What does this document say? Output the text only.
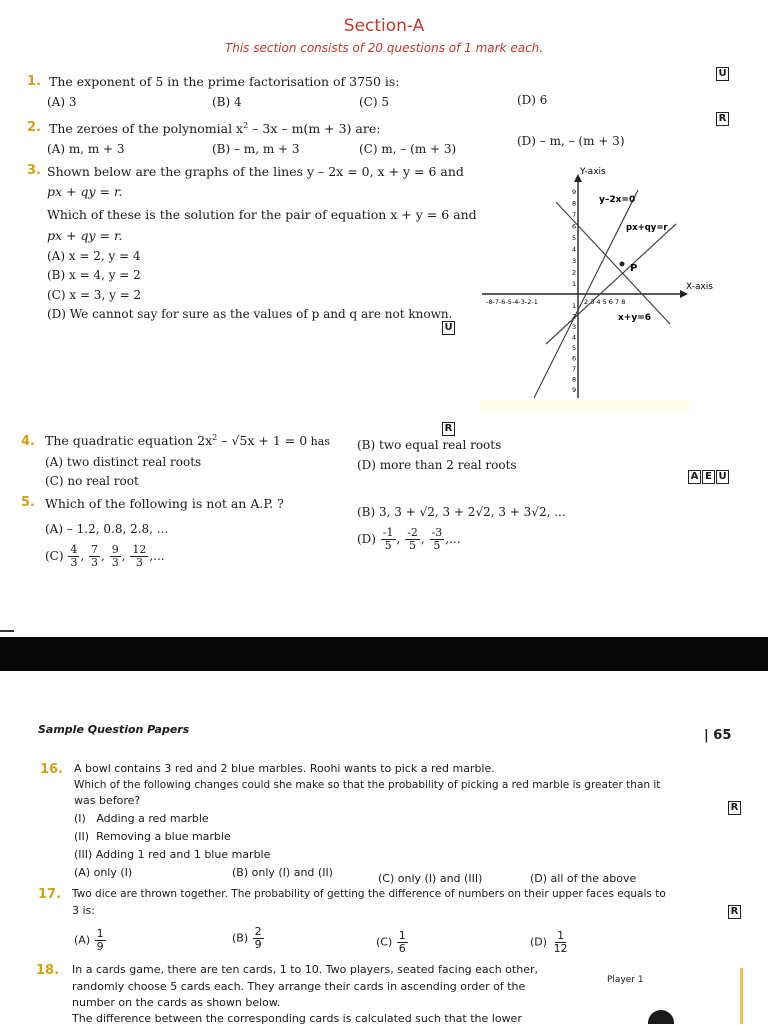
Section-A
This section consists of 20 questions of 1 mark each.
1. The exponent of 5 in the prime factorisation of 3750 is:
U
(A) 3	(B) 4	(C) 5	(D) 6
2. The zeroes of the polynomial $x^2 - 3x - m(m + 3)$ are:
R
(A) m, m + 3	(B) – m, m + 3	(C) m, – (m + 3)
(D) – m, – (m + 3)
3. Shown below are the graphs of the lines y – 2x = 0, x + y = 6 and
px + qy = r.
Which of these is the solution for the pair of equation x + y = 6 and
px + qy = r.
(A) x = 2, y = 4
(B) x = 4, y = 2
(C) x = 3, y = 2
(D) We cannot say for sure as the values of p and q are not known.
U
Y-axis
X-axis
y–2x=0
px+qy=r
x+y=6
P
-8-7-6-5-4-3-2-1	2 3 4 5 6 7 8
9
8
7
6
5
4
3
2
1
1
2
3
4
5
6
7
8
9
R
4. The quadratic equation $2x^2 - √5x + 1 = 0$ has
(A) two distinct real roots
(B) two equal real roots
(C) no real root
(D) more than 2 real roots
5. Which of the following is not an A.P. ?
A E U
(A) – 1.2, 0.8, 2.8, ...
(B) 3, 3 + √2, 3 + 2√2, 3 + 3√2, ...
$(C) \frac{4}{3}$ , $\frac{7}{3}$ , $\frac{9}{3}$ , $\frac{12}{3}$ ,...
$(D) \frac{-1}{5}$ , $\frac{-2}{5}$ , $\frac{-3}{5}$ ,...
Sample Question Papers	| 65
16. A bowl contains 3 red and 2 blue marbles. Roohi wants to pick a red marble.
Which of the following changes could she make so that the probability of picking a red marble is greater than it
was before?
R
(I)   Adding a red marble
(II)  Removing a blue marble
(III) Adding 1 red and 1 blue marble
(A) only (I)	(B) only (I) and (II)	(C) only (I) and (III)	(D) all of the above
17. Two dice are thrown together. The probability of getting the difference of numbers on their upper faces equals to
3 is:	R
$(A) \frac{1}{9}$	$(B) \frac{2}{9}$	$(C) \frac{1}{6}$	$(D) \frac{1}{12}$
18. In a cards game, there are ten cards, 1 to 10. Two players, seated facing each other,
randomly choose 5 cards each. They arrange their cards in ascending order of the
number on the cards as shown below.
The difference between the corresponding cards is calculated such that the lower
Player 1
